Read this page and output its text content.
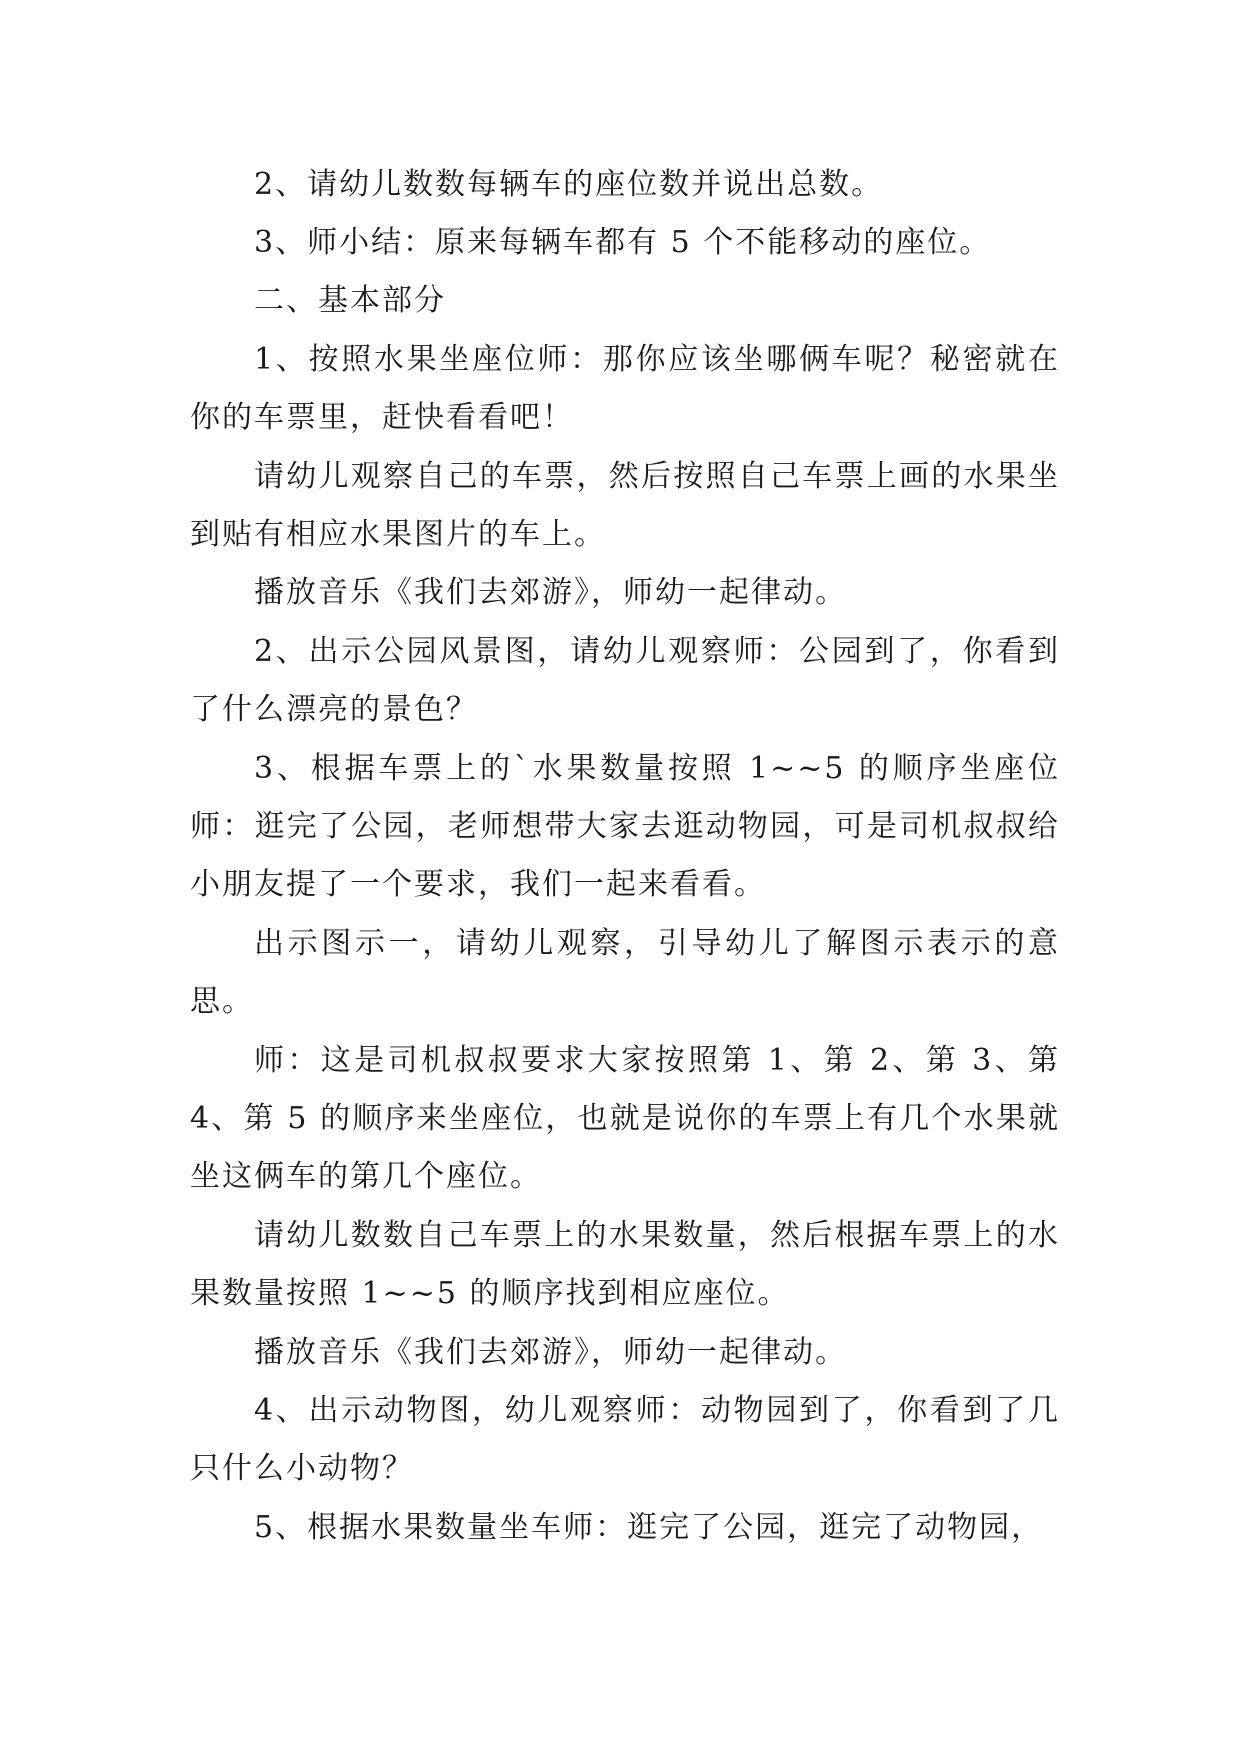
2、请幼儿数数每辆车的座位数并说出总数。

3、师小结：原来每辆车都有 5 个不能移动的座位。

二、基本部分

1、按照水果坐座位师：那你应该坐哪俩车呢？秘密就在你的车票里，赶快看看吧！

请幼儿观察自己的车票，然后按照自己车票上画的水果坐到贴有相应水果图片的车上。

播放音乐《我们去郊游》，师幼一起律动。

2、出示公园风景图，请幼儿观察师：公园到了，你看到了什么漂亮的景色？

3、根据车票上的`水果数量按照 1~~5 的顺序坐座位师：逛完了公园，老师想带大家去逛动物园，可是司机叔叔给小朋友提了一个要求，我们一起来看看。

出示图示一，请幼儿观察，引导幼儿了解图示表示的意思。

师：这是司机叔叔要求大家按照第 1、第 2、第 3、第 4、第 5 的顺序来坐座位，也就是说你的车票上有几个水果就坐这俩车的第几个座位。

请幼儿数数自己车票上的水果数量，然后根据车票上的水果数量按照 1~~5 的顺序找到相应座位。

播放音乐《我们去郊游》，师幼一起律动。

4、出示动物图，幼儿观察师：动物园到了，你看到了几只什么小动物？

5、根据水果数量坐车师：逛完了公园，逛完了动物园，
